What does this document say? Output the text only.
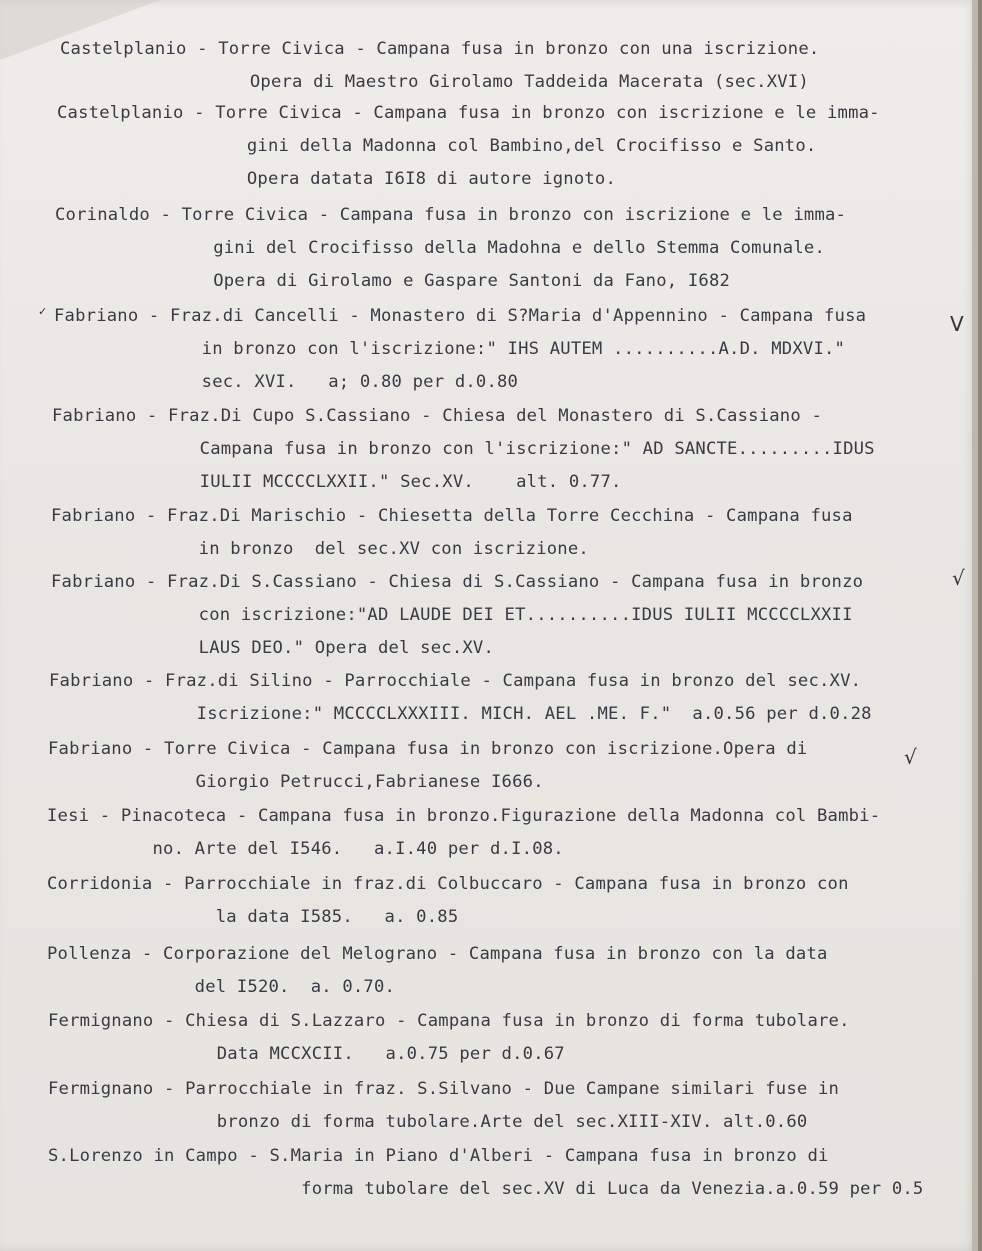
Castelplanio - Torre Civica - Campana fusa in bronzo con una iscrizione.
Opera di Maestro Girolamo Taddeida Macerata (sec.XVI)

Castelplanio - Torre Civica - Campana fusa in bronzo con iscrizione e le imma-
gini della Madonna col Bambino,del Crocifisso e Santo.
Opera datata I6I8 di autore ignoto.

Corinaldo - Torre Civica - Campana fusa in bronzo con iscrizione e le imma-
gini del Crocifisso della Madohna e dello Stemma Comunale.
Opera di Girolamo e Gaspare Santoni da Fano, I682

Fabriano - Fraz.di Cancelli - Monastero di S?Maria d'Appennino - Campana fusa
in bronzo con l'iscrizione:" IHS AUTEM ..........A.D. MDXVI."
sec. XVI.   a; 0.80 per d.0.80

Fabriano - Fraz.Di Cupo S.Cassiano - Chiesa del Monastero di S.Cassiano -
Campana fusa in bronzo con l'iscrizione:" AD SANCTE.........IDUS
IULII MCCCCLXXII." Sec.XV.    alt. 0.77.

Fabriano - Fraz.Di Marischio - Chiesetta della Torre Cecchina - Campana fusa
in bronzo  del sec.XV con iscrizione.

Fabriano - Fraz.Di S.Cassiano - Chiesa di S.Cassiano - Campana fusa in bronzo
con iscrizione:"AD LAUDE DEI ET..........IDUS IULII MCCCCLXXII
LAUS DEO." Opera del sec.XV.

Fabriano - Fraz.di Silino - Parrocchiale - Campana fusa in bronzo del sec.XV.
Iscrizione:" MCCCCLXXXIII. MICH. AEL .ME. F."  a.0.56 per d.0.28

Fabriano - Torre Civica - Campana fusa in bronzo con iscrizione.Opera di
Giorgio Petrucci,Fabrianese I666.

Iesi - Pinacoteca - Campana fusa in bronzo.Figurazione della Madonna col Bambi-
no. Arte del I546.   a.I.40 per d.I.08.

Corridonia - Parrocchiale in fraz.di Colbuccaro - Campana fusa in bronzo con
la data I585.   a. 0.85

Pollenza - Corporazione del Melograno - Campana fusa in bronzo con la data
del I520.  a. 0.70.

Fermignano - Chiesa di S.Lazzaro - Campana fusa in bronzo di forma tubolare.
Data MCCXCII.   a.0.75 per d.0.67

Fermignano - Parrocchiale in fraz. S.Silvano - Due Campane similari fuse in
bronzo di forma tubolare.Arte del sec.XIII-XIV. alt.0.60

S.Lorenzo in Campo - S.Maria in Piano d'Alberi - Campana fusa in bronzo di
forma tubolare del sec.XV di Luca da Venezia.a.0.59 per 0.5

✓
V
√
√
